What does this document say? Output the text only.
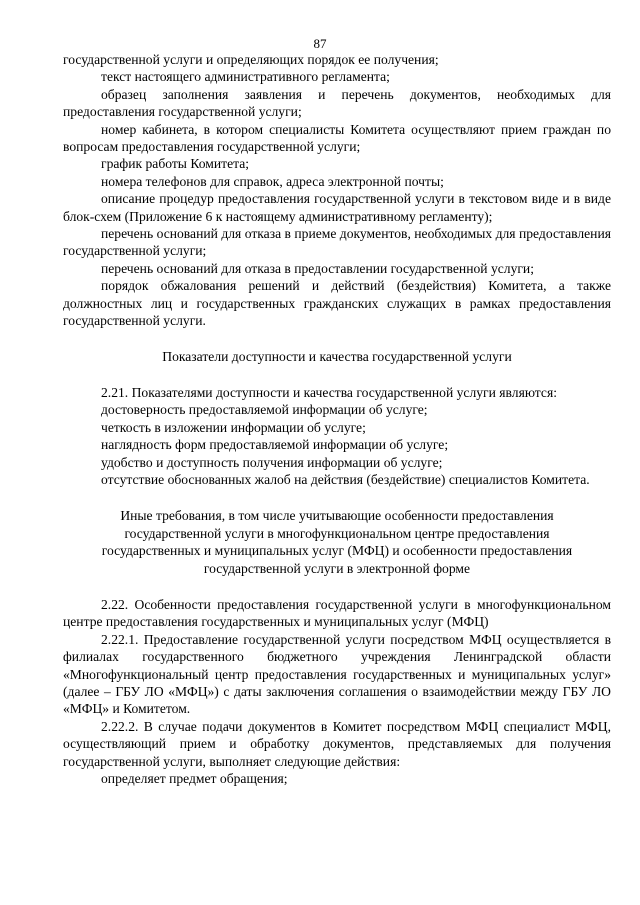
87

государственной услуги и определяющих порядок ее получения;

текст настоящего административного регламента;

образец заполнения заявления и перечень документов, необходимых для предоставления государственной услуги;

номер кабинета, в котором специалисты Комитета осуществляют прием граждан по вопросам предоставления государственной услуги;

график работы Комитета;

номера телефонов для справок, адреса электронной почты;

описание процедур предоставления государственной услуги в текстовом виде и в виде блок-схем (Приложение 6 к настоящему административному регламенту);

перечень оснований для отказа в приеме документов, необходимых для предоставления государственной услуги;

перечень оснований для отказа в предоставлении государственной услуги;

порядок обжалования решений и действий (бездействия) Комитета, а также должностных лиц и государственных гражданских служащих в рамках предоставления государственной услуги.

Показатели доступности и качества государственной услуги

2.21. Показателями доступности и качества государственной услуги являются:

достоверность предоставляемой информации об услуге;

четкость в изложении информации об услуге;

наглядность форм предоставляемой информации об услуге;

удобство и доступность получения информации об услуге;

отсутствие обоснованных жалоб на действия (бездействие) специалистов Комитета.

Иные требования, в том числе учитывающие особенности предоставления

государственной услуги в многофункциональном центре предоставления

государственных и муниципальных услуг (МФЦ) и особенности предоставления

государственной услуги в электронной форме

2.22. Особенности предоставления государственной услуги в многофункциональном центре предоставления государственных и муниципальных услуг (МФЦ)

2.22.1. Предоставление государственной услуги посредством МФЦ осуществляется в филиалах государственного бюджетного учреждения Ленинградской области «Многофункциональный центр предоставления государственных и муниципальных услуг» (далее – ГБУ ЛО «МФЦ») с даты заключения соглашения о взаимодействии между ГБУ ЛО «МФЦ» и Комитетом.

2.22.2. В случае подачи документов в Комитет посредством МФЦ специалист МФЦ, осуществляющий прием и обработку документов, представляемых для получения государственной услуги, выполняет следующие действия:

определяет предмет обращения;
